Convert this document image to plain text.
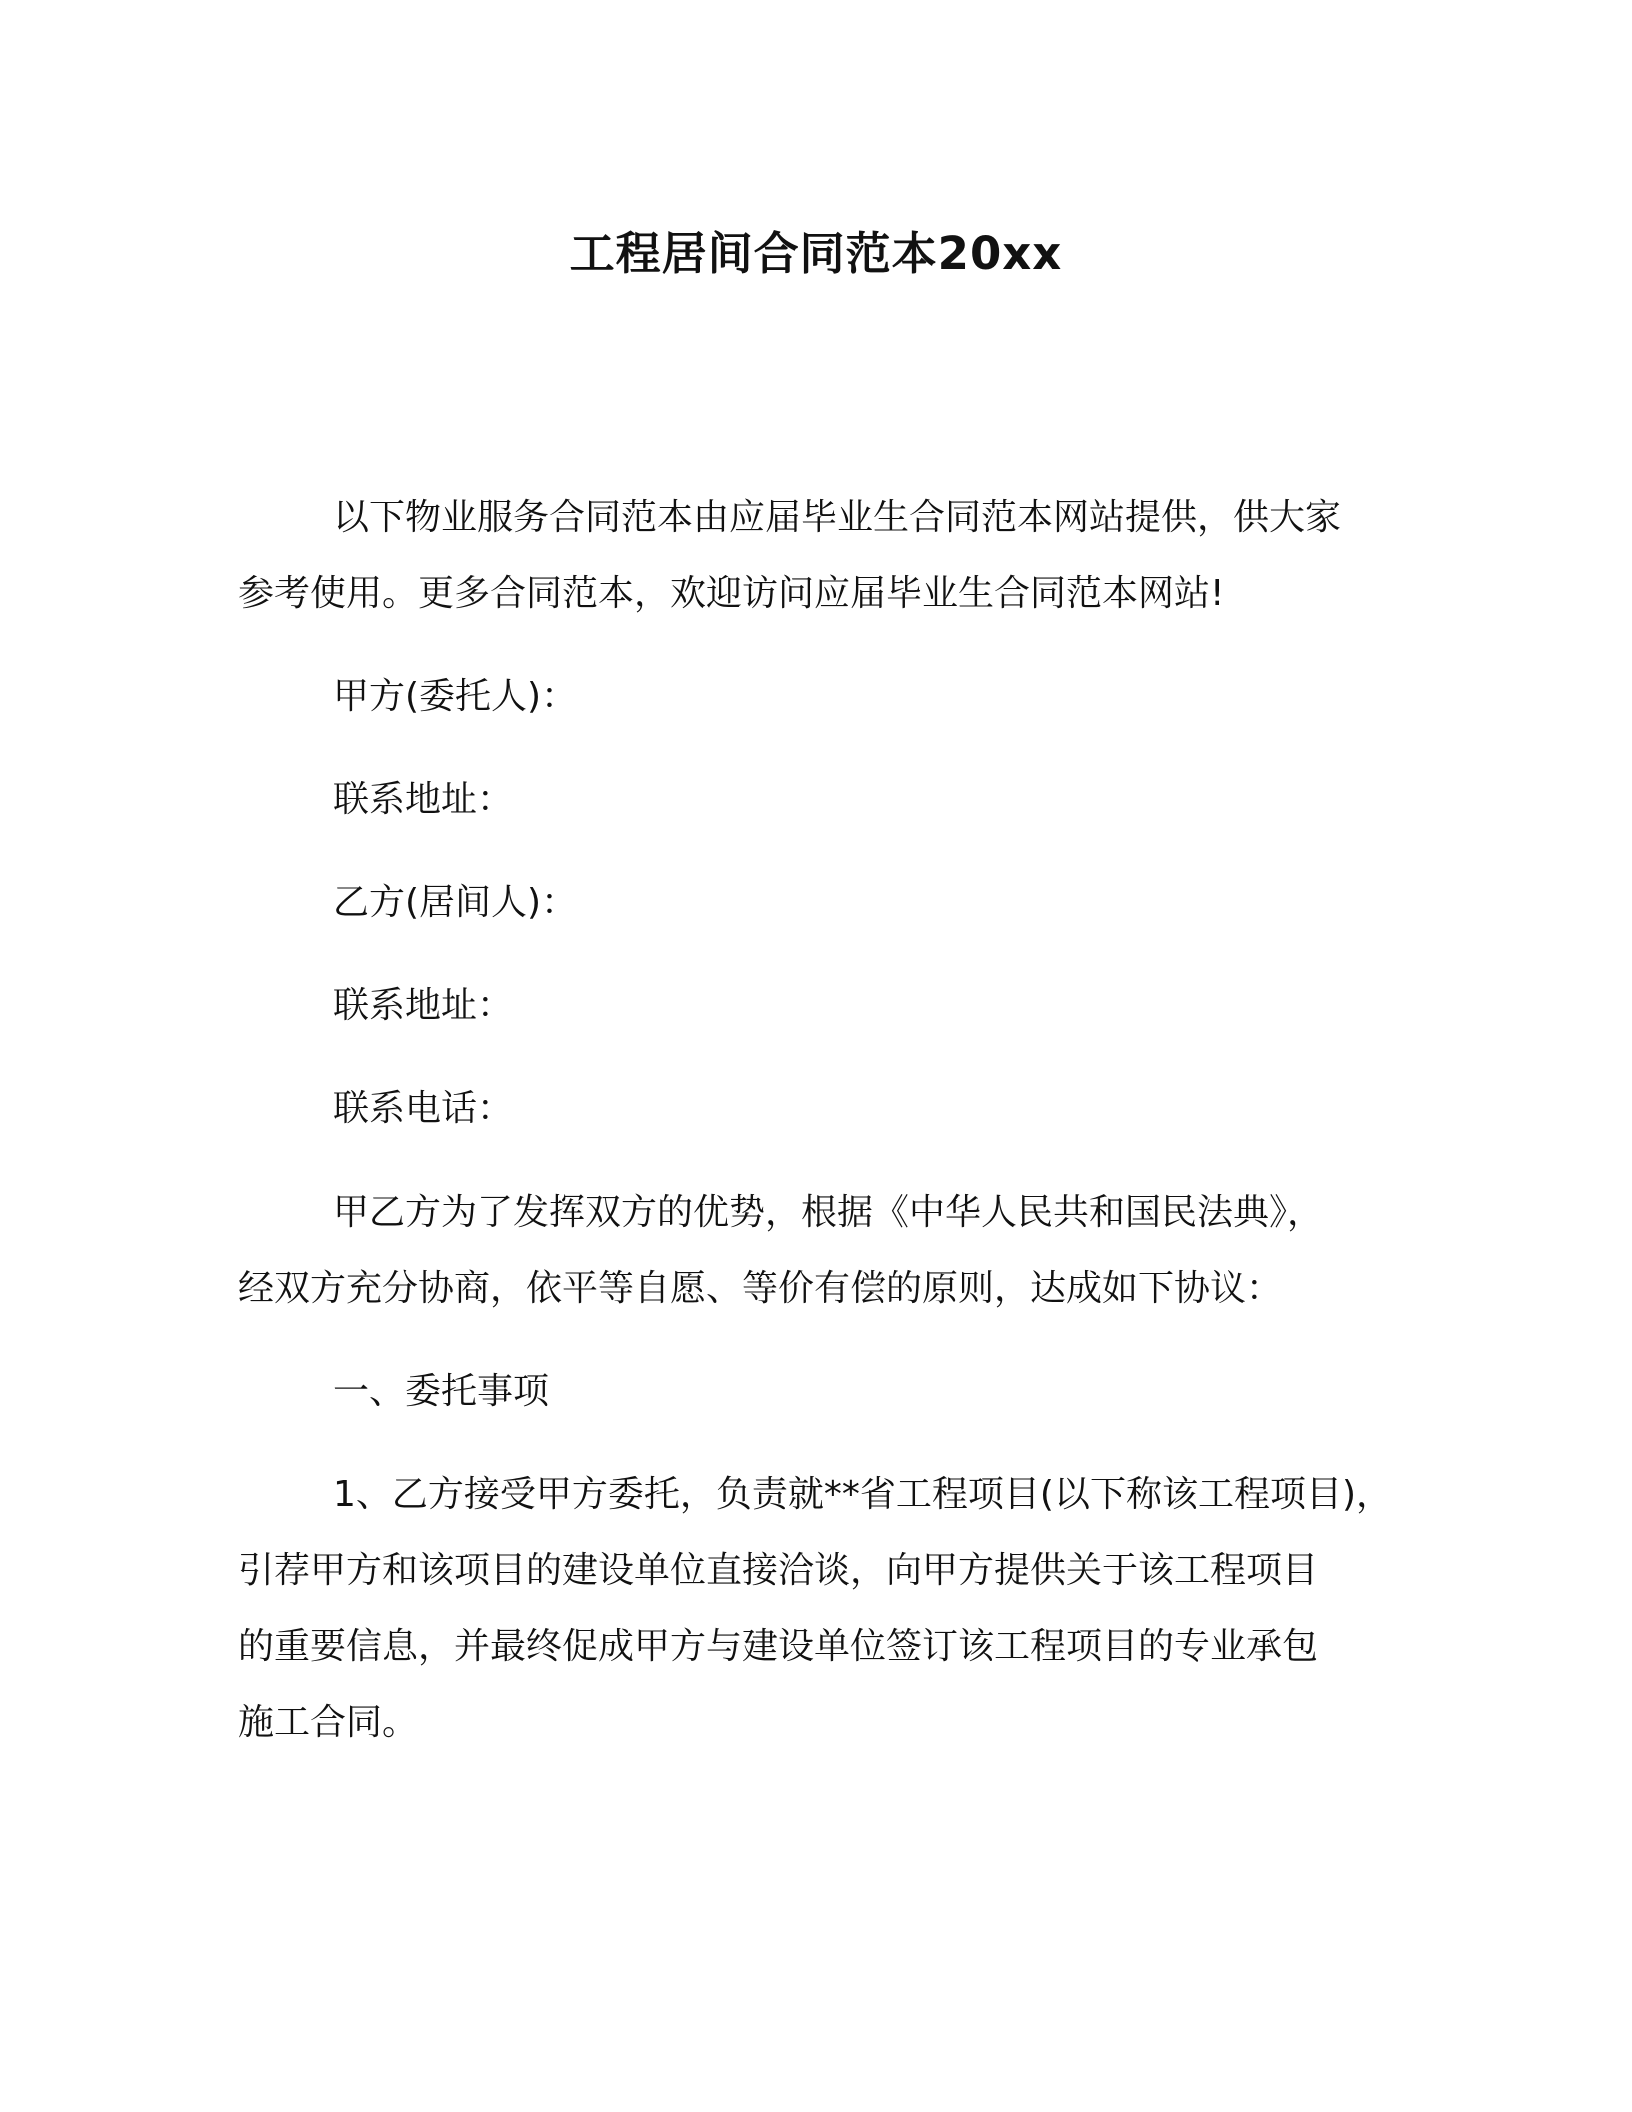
工程居间合同范本20xx
以下物业服务合同范本由应届毕业生合同范本网站提供，供大家
参考使用。更多合同范本，欢迎访问应届毕业生合同范本网站!
甲方(委托人)：
联系地址：
乙方(居间人)：
联系地址：
联系电话：
甲乙方为了发挥双方的优势，根据《中华人民共和国民法典》，
经双方充分协商，依平等自愿、等价有偿的原则，达成如下协议：
一、委托事项
1、乙方接受甲方委托，负责就**省工程项目(以下称该工程项目)，
引荐甲方和该项目的建设单位直接洽谈，向甲方提供关于该工程项目
的重要信息，并最终促成甲方与建设单位签订该工程项目的专业承包
施工合同。
